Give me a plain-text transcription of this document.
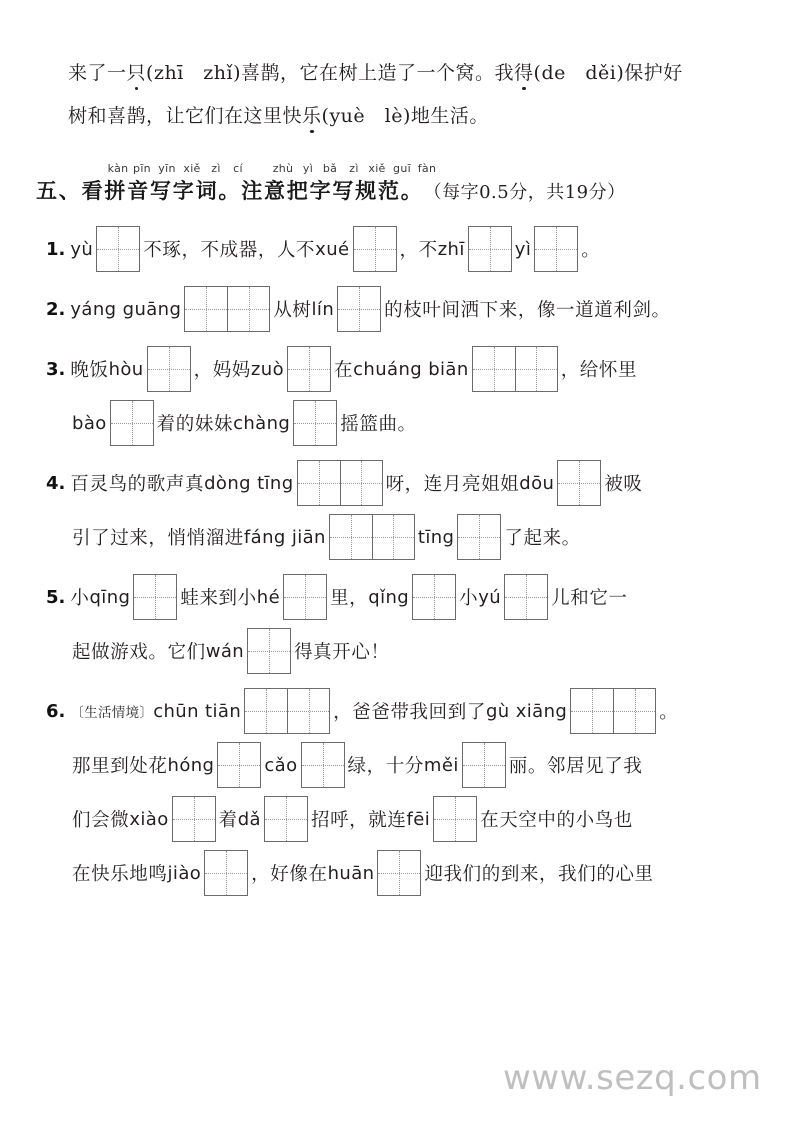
来了一 只 (zhī　zhǐ)喜鹊，它在树上造了一个窝。我 得 (de　děi)保护好
树和喜鹊，让它们在这里快 乐 (yuè　lè)地生活。
kàn pīn yīn xiě zì cí	zhù yì bǎ zì xiě guī fàn
五、 看拼音写字词。注意把字写规范。 （每字0.5分，共19分）
1. yù	不琢，不成器，人不 xué	，不 zhī	yì	。
2. yáng guāng	从树 lín	的枝叶间洒下来，像一道道利剑。
3. 晚饭 hòu	，妈妈 zuò	在 chuáng biān	，给怀里
bào	着的妹妹 chàng	摇篮曲。
4. 百灵鸟的歌声真 dòng tīng	呀，连月亮姐姐 dōu	被吸
引了过来，悄悄溜进 fáng jiān	tīng	了起来。
5. 小 qīng	蛙来到小 hé	里， qǐng	小 yú	儿和它一
起做游戏。它们 wán	得真开心！
6. 〔生活情境〕 chūn tiān	，爸爸带我回到了 gù xiāng	。
那里到处花 hóng	cǎo	绿，十分 měi	丽。邻居见了我
们会微 xiào	着 dǎ	招呼，就连 fēi	在天空中的小鸟也
在快乐地鸣 jiào	，好像在 huān	迎我们的到来，我们的心里
www.sezq.com
